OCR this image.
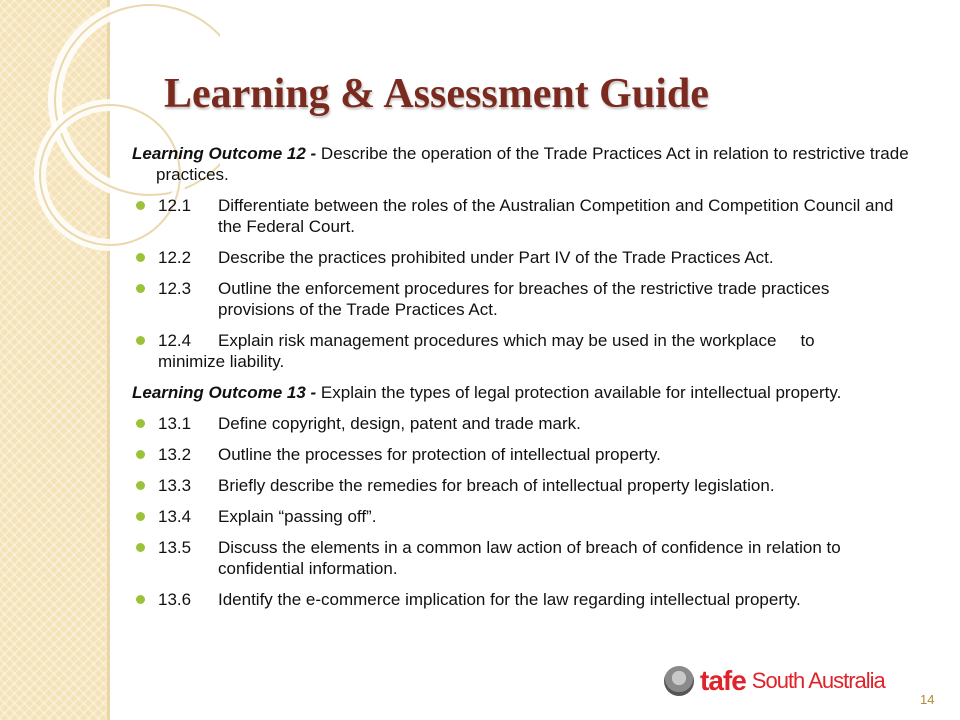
Learning & Assessment Guide

Learning Outcome 12 - Describe the operation of the Trade Practices Act in relation to restrictive trade practices.

12.1 Differentiate between the roles of the Australian Competition and Competition Council and the Federal Court.
12.2 Describe the practices prohibited under Part IV of the Trade Practices Act.
12.3 Outline the enforcement procedures for breaches of the restrictive trade practices provisions of the Trade Practices Act.
12.4 Explain risk management procedures which may be used in the workplace to
minimize liability.

Learning Outcome 13 - Explain the types of legal protection available for intellectual property.

13.1 Define copyright, design, patent and trade mark.
13.2 Outline the processes for protection of intellectual property.
13.3 Briefly describe the remedies for breach of intellectual property legislation.
13.4 Explain “passing off”.
13.5 Discuss the elements in a common law action of breach of confidence in relation to confidential information.
13.6 Identify the e-commerce implication for the law regarding intellectual property.
tafe South Australia
14
